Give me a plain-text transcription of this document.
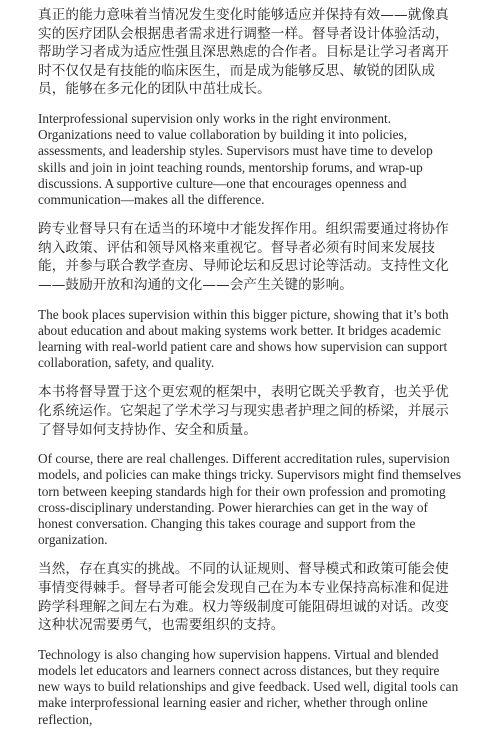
真正的能力意味着当情况发生变化时能够适应并保持有效——就像真实的医疗团队会根据患者需求进行调整一样。督导者设计体验活动，帮助学习者成为适应性强且深思熟虑的合作者。目标是让学习者离开时不仅仅是有技能的临床医生，而是成为能够反思、敏锐的团队成员，能够在多元化的团队中茁壮成长。

Interprofessional supervision only works in the right environment. Organizations need to value collaboration by building it into policies, assessments, and leadership styles. Supervisors must have time to develop skills and join in joint teaching rounds, mentorship forums, and wrap-up discussions. A supportive culture—one that encourages openness and communication—makes all the difference.

跨专业督导只有在适当的环境中才能发挥作用。组织需要通过将协作纳入政策、评估和领导风格来重视它。督导者必须有时间来发展技能，并参与联合教学查房、导师论坛和反思讨论等活动。支持性文化——鼓励开放和沟通的文化——会产生关键的影响。

The book places supervision within this bigger picture, showing that it’s both about education and about making systems work better. It bridges academic learning with real-world patient care and shows how supervision can support collaboration, safety, and quality.

本书将督导置于这个更宏观的框架中，表明它既关乎教育，也关乎优化系统运作。它架起了学术学习与现实患者护理之间的桥梁，并展示了督导如何支持协作、安全和质量。

Of course, there are real challenges. Different accreditation rules, supervision models, and policies can make things tricky. Supervisors might find themselves torn between keeping standards high for their own profession and promoting cross-disciplinary understanding. Power hierarchies can get in the way of honest conversation. Changing this takes courage and support from the organization.

当然，存在真实的挑战。不同的认证规则、督导模式和政策可能会使事情变得棘手。督导者可能会发现自己在为本专业保持高标准和促进跨学科理解之间左右为难。权力等级制度可能阻碍坦诚的对话。改变这种状况需要勇气，也需要组织的支持。

Technology is also changing how supervision happens. Virtual and blended models let educators and learners connect across distances, but they require new ways to build relationships and give feedback. Used well, digital tools can make interprofessional learning easier and richer, whether through online reflection,
